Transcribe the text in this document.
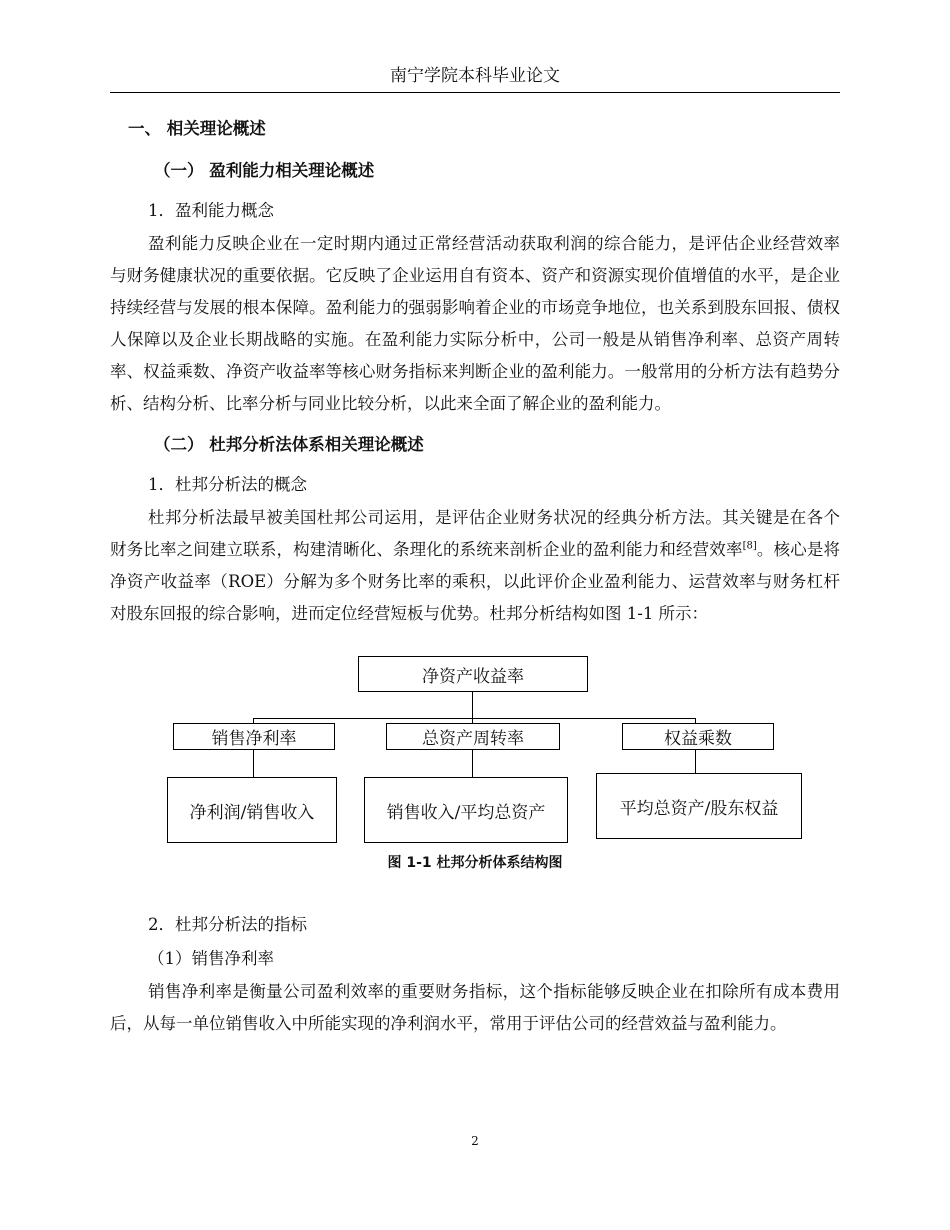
南宁学院本科毕业论文
一、 相关理论概述
（一） 盈利能力相关理论概述
1．盈利能力概念

盈利能力反映企业在一定时期内通过正常经营活动获取利润的综合能力，是评估企业经营效率与财务健康状况的重要依据。它反映了企业运用自有资本、资产和资源实现价值增值的水平，是企业持续经营与发展的根本保障。盈利能力的强弱影响着企业的市场竞争地位，也关系到股东回报、债权人保障以及企业长期战略的实施。在盈利能力实际分析中，公司一般是从销售净利率、总资产周转率、权益乘数、净资产收益率等核心财务指标来判断企业的盈利能力。一般常用的分析方法有趋势分析、结构分析、比率分析与同业比较分析，以此来全面了解企业的盈利能力。

（二） 杜邦分析法体系相关理论概述
1．杜邦分析法的概念

杜邦分析法最早被美国杜邦公司运用，是评估企业财务状况的经典分析方法。其关键是在各个财务比率之间建立联系，构建清晰化、条理化的系统来剖析企业的盈利能力和经营效率[8]。核心是将净资产收益率（ROE）分解为多个财务比率的乘积，以此评价企业盈利能力、运营效率与财务杠杆对股东回报的综合影响，进而定位经营短板与优势。杜邦分析结构如图 1-1 所示：

净资产收益率
销售净利率	总资产周转率	权益乘数
净利润/销售收入	销售收入/平均总资产	平均总资产/股东权益
图 1-1 杜邦分析体系结构图
2．杜邦分析法的指标
（1）销售净利率

销售净利率是衡量公司盈利效率的重要财务指标，这个指标能够反映企业在扣除所有成本费用后，从每一单位销售收入中所能实现的净利润水平，常用于评估公司的经营效益与盈利能力。

2
